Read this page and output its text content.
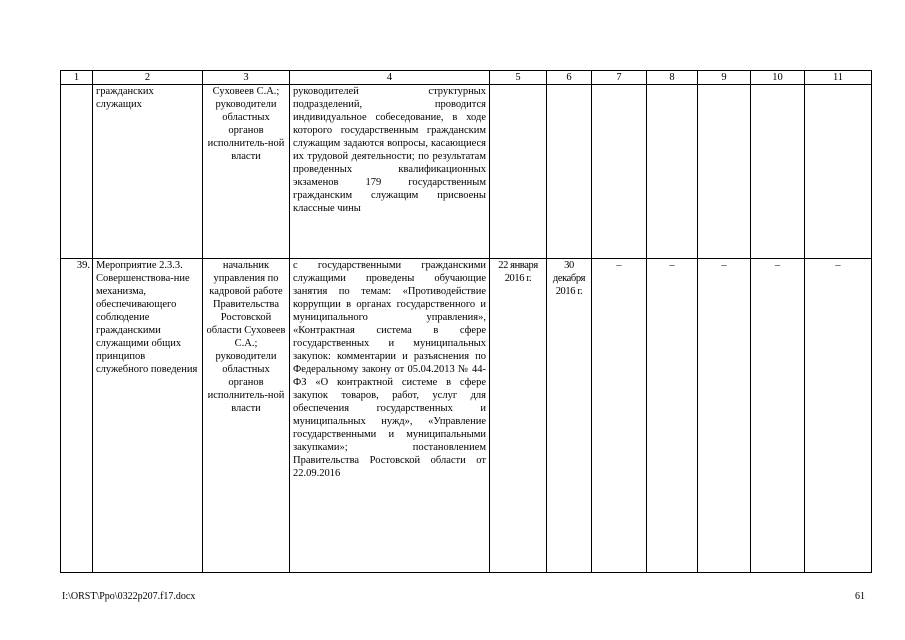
1	2	3	4	5	6	7	8	9	10	11
	гражданских служащих	Суховеев С.А.; руководители областных органов исполнитель-ной власти	руководителей структурных подразделений, проводится индивидуальное собеседование, в ходе которого государственным гражданским служащим задаются вопросы, касающиеся их трудовой деятельности; по результатам проведенных квалификационных экзаменов 179 государственным гражданским служащим присвоены классные чины							
39.	Мероприятие 2.3.3. Совершенствова-ние механизма, обеспечивающего соблюдение гражданскими служащими общих принципов служебного поведения	начальник управления по кадровой работе Правительства Ростовской области Суховеев С.А.; руководители областных органов исполнитель-ной власти	с государственными гражданскими служащими проведены обучающие занятия по темам: «Противодействие коррупции в органах государственного и муниципального управления», «Контрактная система в сфере государственных и муниципальных закупок: комментарии и разъяснения по Федеральному закону от 05.04.2013 № 44-ФЗ «О контрактной системе в сфере закупок товаров, работ, услуг для обеспечения государственных и муниципальных нужд», «Управление государственными и муниципальными закупками»; постановлением Правительства Ростовской области от 22.09.2016	22 января 2016 г.	30 декабря 2016 г.	–	–	–	–	–
I:\ORST\Ppo\0322p207.f17.docx	61
